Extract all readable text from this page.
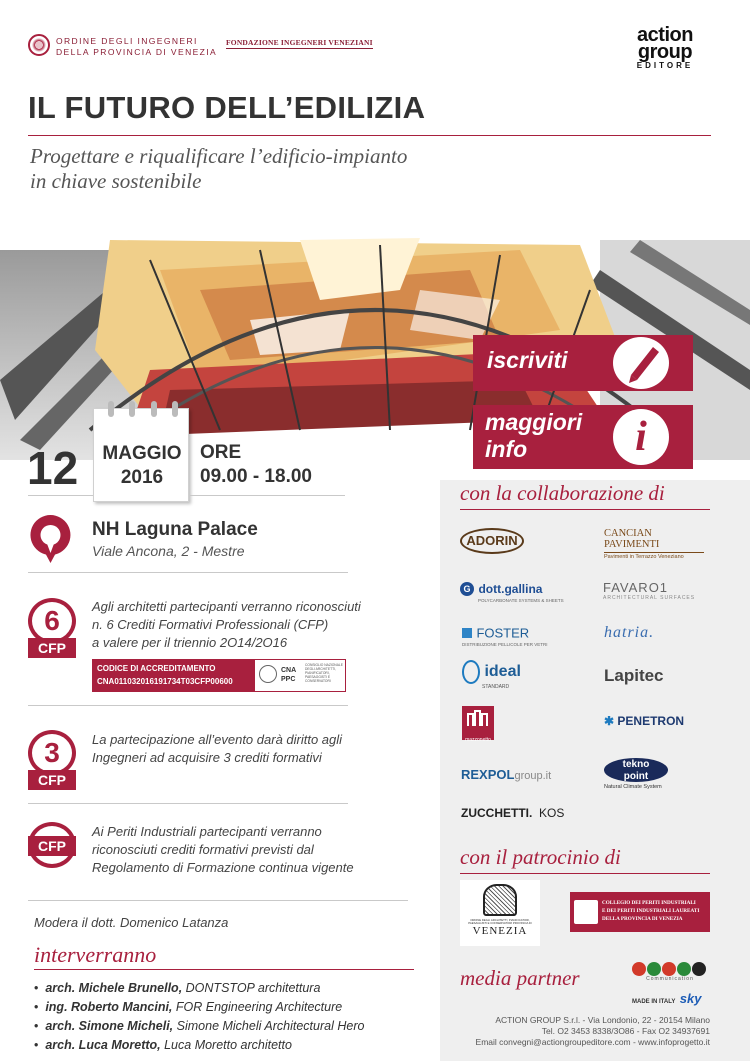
ORDINE DEGLI INGEGNERI
DELLA PROVINCIA DI VENEZIA
FONDAZIONE INGEGNERI VENEZIANI	action
group
EDITORE
IL FUTURO DELL’EDILIZIA
Progettare e riqualificare l’edificio-impianto
in chiave sostenibile
iscriviti
maggiori
info	i
12	MAGGIO
2016
ORE
09.00 - 18.00
NH Laguna Palace
Viale Ancona, 2 - Mestre
6
CFP
Agli architetti partecipanti verranno riconosciuti
n. 6 Crediti Formativi Professionali (CFP)
a valere per il triennio 2O14/2O16
CODICE DI ACCREDITAMENTO
CNA011032016191734T03CFP00600
CNA PPC
CONSIGLIO NAZIONALE DEGLI ARCHITETTI, PIANIFICATORI, PAESAGGISTI E CONSERVATORI
3
CFP
La partecipazione all’evento darà diritto agli
Ingegneri ad acquisire 3 crediti formativi
CFP
Ai Periti Industriali partecipanti verranno
riconosciuti crediti formativi previsti dal
Regolamento di Formazione continua vigente
Modera il dott. Domenico Latanza
interverranno
•  arch. Michele Brunello, DONTSTOP architettura
•  ing. Roberto Mancini, FOR Engineering Architecture
•  arch. Simone Micheli, Simone Micheli Architectural Hero
•  arch. Luca Moretto, Luca Moretto architetto
con la collaborazione di
ADORIN	CANCIAN PAVIMENTI
Pavimenti in Terrazzo Veneziano
G dott.gallina
POLYCARBONATE SYSTEMS & SHEETS
FAVARO1
ARCHITECTURAL SURFACES
FOSTER
DISTRIBUZIONE PELLICOLE PER VETRI
hatria.
ideal
STANDARD
Lapitec
mazzonetto
✱ PENETRON
REXPOLgroup.it
tekno
point
Natural Climate System
ZUCCHETTI. KOS
con il patrocinio di
ORDINE DEGLI ARCHITETTI, PIANIFICATORI, PAESAGGISTI E CONSERVATORI PROVINCIA DI
VENEZIA
COLLEGIO DEI PERITI INDUSTRIALI
E DEI PERITI INDUSTRIALI LAUREATI
DELLA PROVINCIA DI VENEZIA
media partner	Communication
MADE IN ITALY sky
ACTION GROUP S.r.l. - Via Londonio, 22 - 20154 Milano
Tel. O2 3453 8338/3O86 - Fax O2 34937691
Email convegni@actiongroupeditore.com - www.infoprogetto.it
